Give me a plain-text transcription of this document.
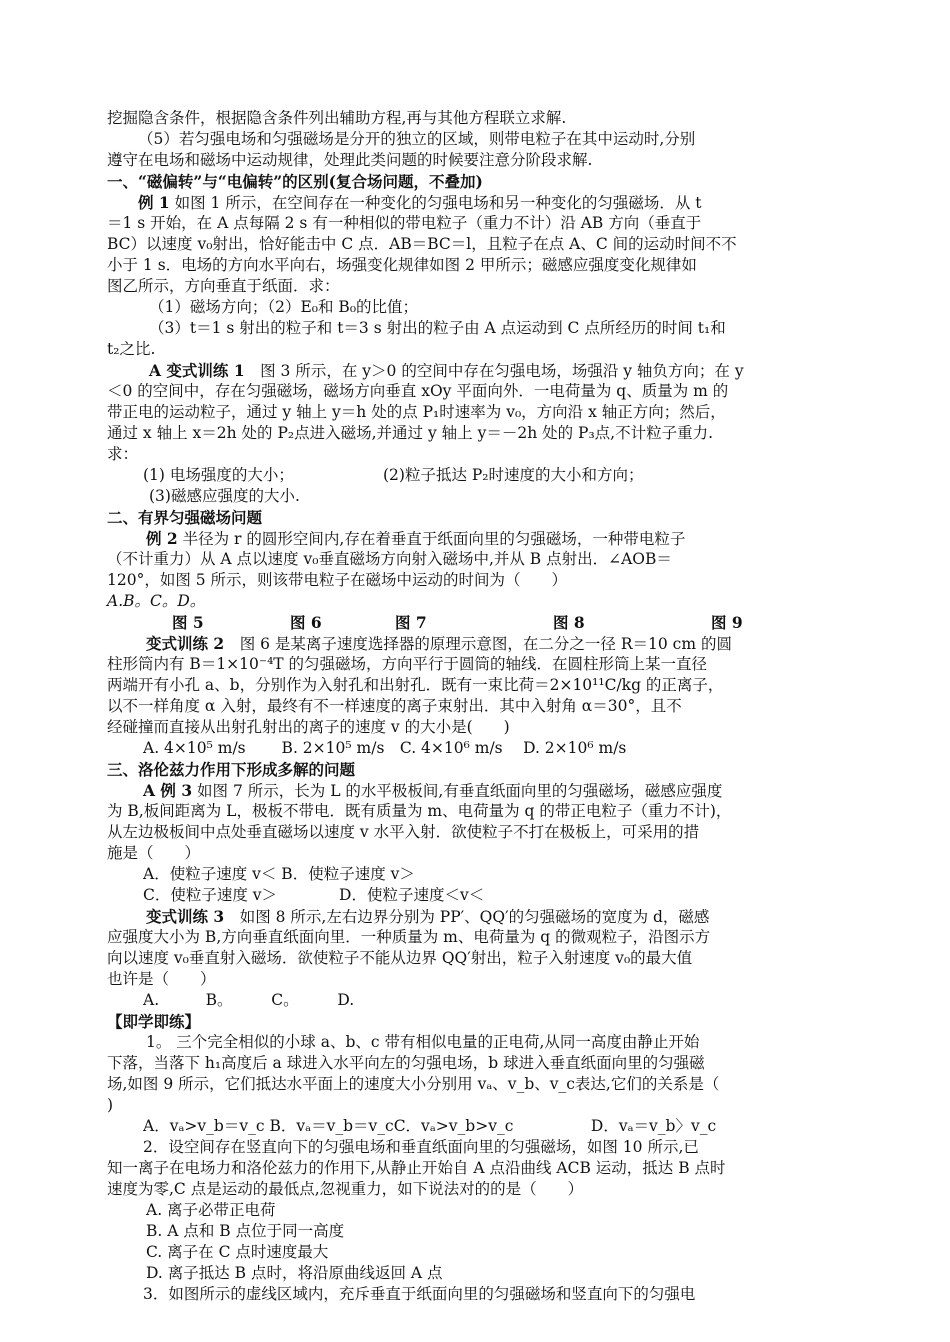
挖掘隐含条件，根据隐含条件列出辅助方程,再与其他方程联立求解.
（5）若匀强电场和匀强磁场是分开的独立的区域，则带电粒子在其中运动时,分别
遵守在电场和磁场中运动规律，处理此类问题的时候要注意分阶段求解.
一、“磁偏转”与“电偏转”的区别(复合场问题，不叠加)
例 1 如图 1 所示，在空间存在一种变化的匀强电场和另一种变化的匀强磁场．从 t
＝1 s 开始，在 A 点每隔 2 s 有一种相似的带电粒子（重力不计）沿 AB 方向（垂直于
BC）以速度 v₀射出，恰好能击中 C 点．AB＝BC＝l，且粒子在点 A、C 间的运动时间不不
小于 1 s．电场的方向水平向右，场强变化规律如图 2 甲所示；磁感应强度变化规律如
图乙所示，方向垂直于纸面．求：
（1）磁场方向；（2）E₀和 B₀的比值；
（3）t＝1 s 射出的粒子和 t＝3 s 射出的粒子由 A 点运动到 C 点所经历的时间 t₁和
t₂之比.
A 变式训练 1　 图 3 所示，在 y＞0 的空间中存在匀强电场，场强沿 y 轴负方向；在 y
＜0 的空间中，存在匀强磁场，磁场方向垂直 xOy 平面向外．一电荷量为 q、质量为 m 的
带正电的运动粒子，通过 y 轴上 y＝h 处的点 P₁时速率为 v₀，方向沿 x 轴正方向；然后，
通过 x 轴上 x＝2h 处的 P₂点进入磁场,并通过 y 轴上 y＝－2h 处的 P₃点,不计粒子重力.
求：
(1) 电场强度的大小；	(2)粒子抵达 P₂时速度的大小和方向；
(3)磁感应强度的大小.
二、有界匀强磁场问题
例 2 半径为 r 的圆形空间内,存在着垂直于纸面向里的匀强磁场，一种带电粒子
（不计重力）从 A 点以速度 v₀垂直磁场方向射入磁场中,并从 B 点射出．∠AOB＝
120°，如图 5 所示，则该带电粒子在磁场中运动的时间为（　　）
A.B。C。D。
图 5	图 6	图 7	图 8	图 9
变式训练 2　 图 6 是某离子速度选择器的原理示意图，在二分之一径 R＝10 cm 的圆
柱形筒内有 B＝1×10⁻⁴T 的匀强磁场，方向平行于圆筒的轴线．在圆柱形筒上某一直径
两端开有小孔 a、b，分别作为入射孔和出射孔．既有一束比荷＝2×10¹¹C/kg 的正离子，
以不一样角度 α 入射，最终有不一样速度的离子束射出．其中入射角 α＝30°，且不
经碰撞而直接从出射孔射出的离子的速度 v 的大小是(　　)
A. 4×10⁵ m/s　　 B. 2×10⁵ m/s　C. 4×10⁶ m/s　 D. 2×10⁶ m/s
三、洛伦兹力作用下形成多解的问题
A 例 3 如图 7 所示，长为 L 的水平极板间,有垂直纸面向里的匀强磁场，磁感应强度
为 B,板间距离为 L，极板不带电．既有质量为 m、电荷量为 q 的带正电粒子（重力不计)，
从左边极板间中点处垂直磁场以速度 v 水平入射．欲使粒子不打在极板上，可采用的措
施是（　　）
A．使粒子速度 v＜ B．使粒子速度 v＞
C．使粒子速度 v＞　　　　D．使粒子速度＜v＜
变式训练 3　 如图 8 所示,左右边界分别为 PP′、QQ′的匀强磁场的宽度为 d，磁感
应强度大小为 B,方向垂直纸面向里．一种质量为 m、电荷量为 q 的微观粒子，沿图示方
向以速度 v₀垂直射入磁场．欲使粒子不能从边界 QQ′射出，粒子入射速度 v₀的最大值
也许是（　　）
A.　　　B。　　　C。　　　D.
【即学即练】
1。 三个完全相似的小球 a、b、c 带有相似电量的正电荷,从同一高度由静止开始
下落，当落下 h₁高度后 a 球进入水平向左的匀强电场，b 球进入垂直纸面向里的匀强磁
场,如图 9 所示，它们抵达水平面上的速度大小分别用 vₐ、v_b、v_c表达,它们的关系是（
)
A．vₐ>v_b＝v_c B．vₐ＝v_b＝v_cC．vₐ>v_b>v_c　　　　　D．vₐ＝v_b〉v_c
2．设空间存在竖直向下的匀强电场和垂直纸面向里的匀强磁场，如图 10 所示,已
知一离子在电场力和洛伦兹力的作用下,从静止开始自 A 点沿曲线 ACB 运动，抵达 B 点时
速度为零,C 点是运动的最低点,忽视重力，如下说法对的的是（　　）
A. 离子必带正电荷
B. A 点和 B 点位于同一高度
C. 离子在 C 点时速度最大
D. 离子抵达 B 点时，将沿原曲线返回 A 点
3．如图所示的虚线区域内，充斥垂直于纸面向里的匀强磁场和竖直向下的匀强电
